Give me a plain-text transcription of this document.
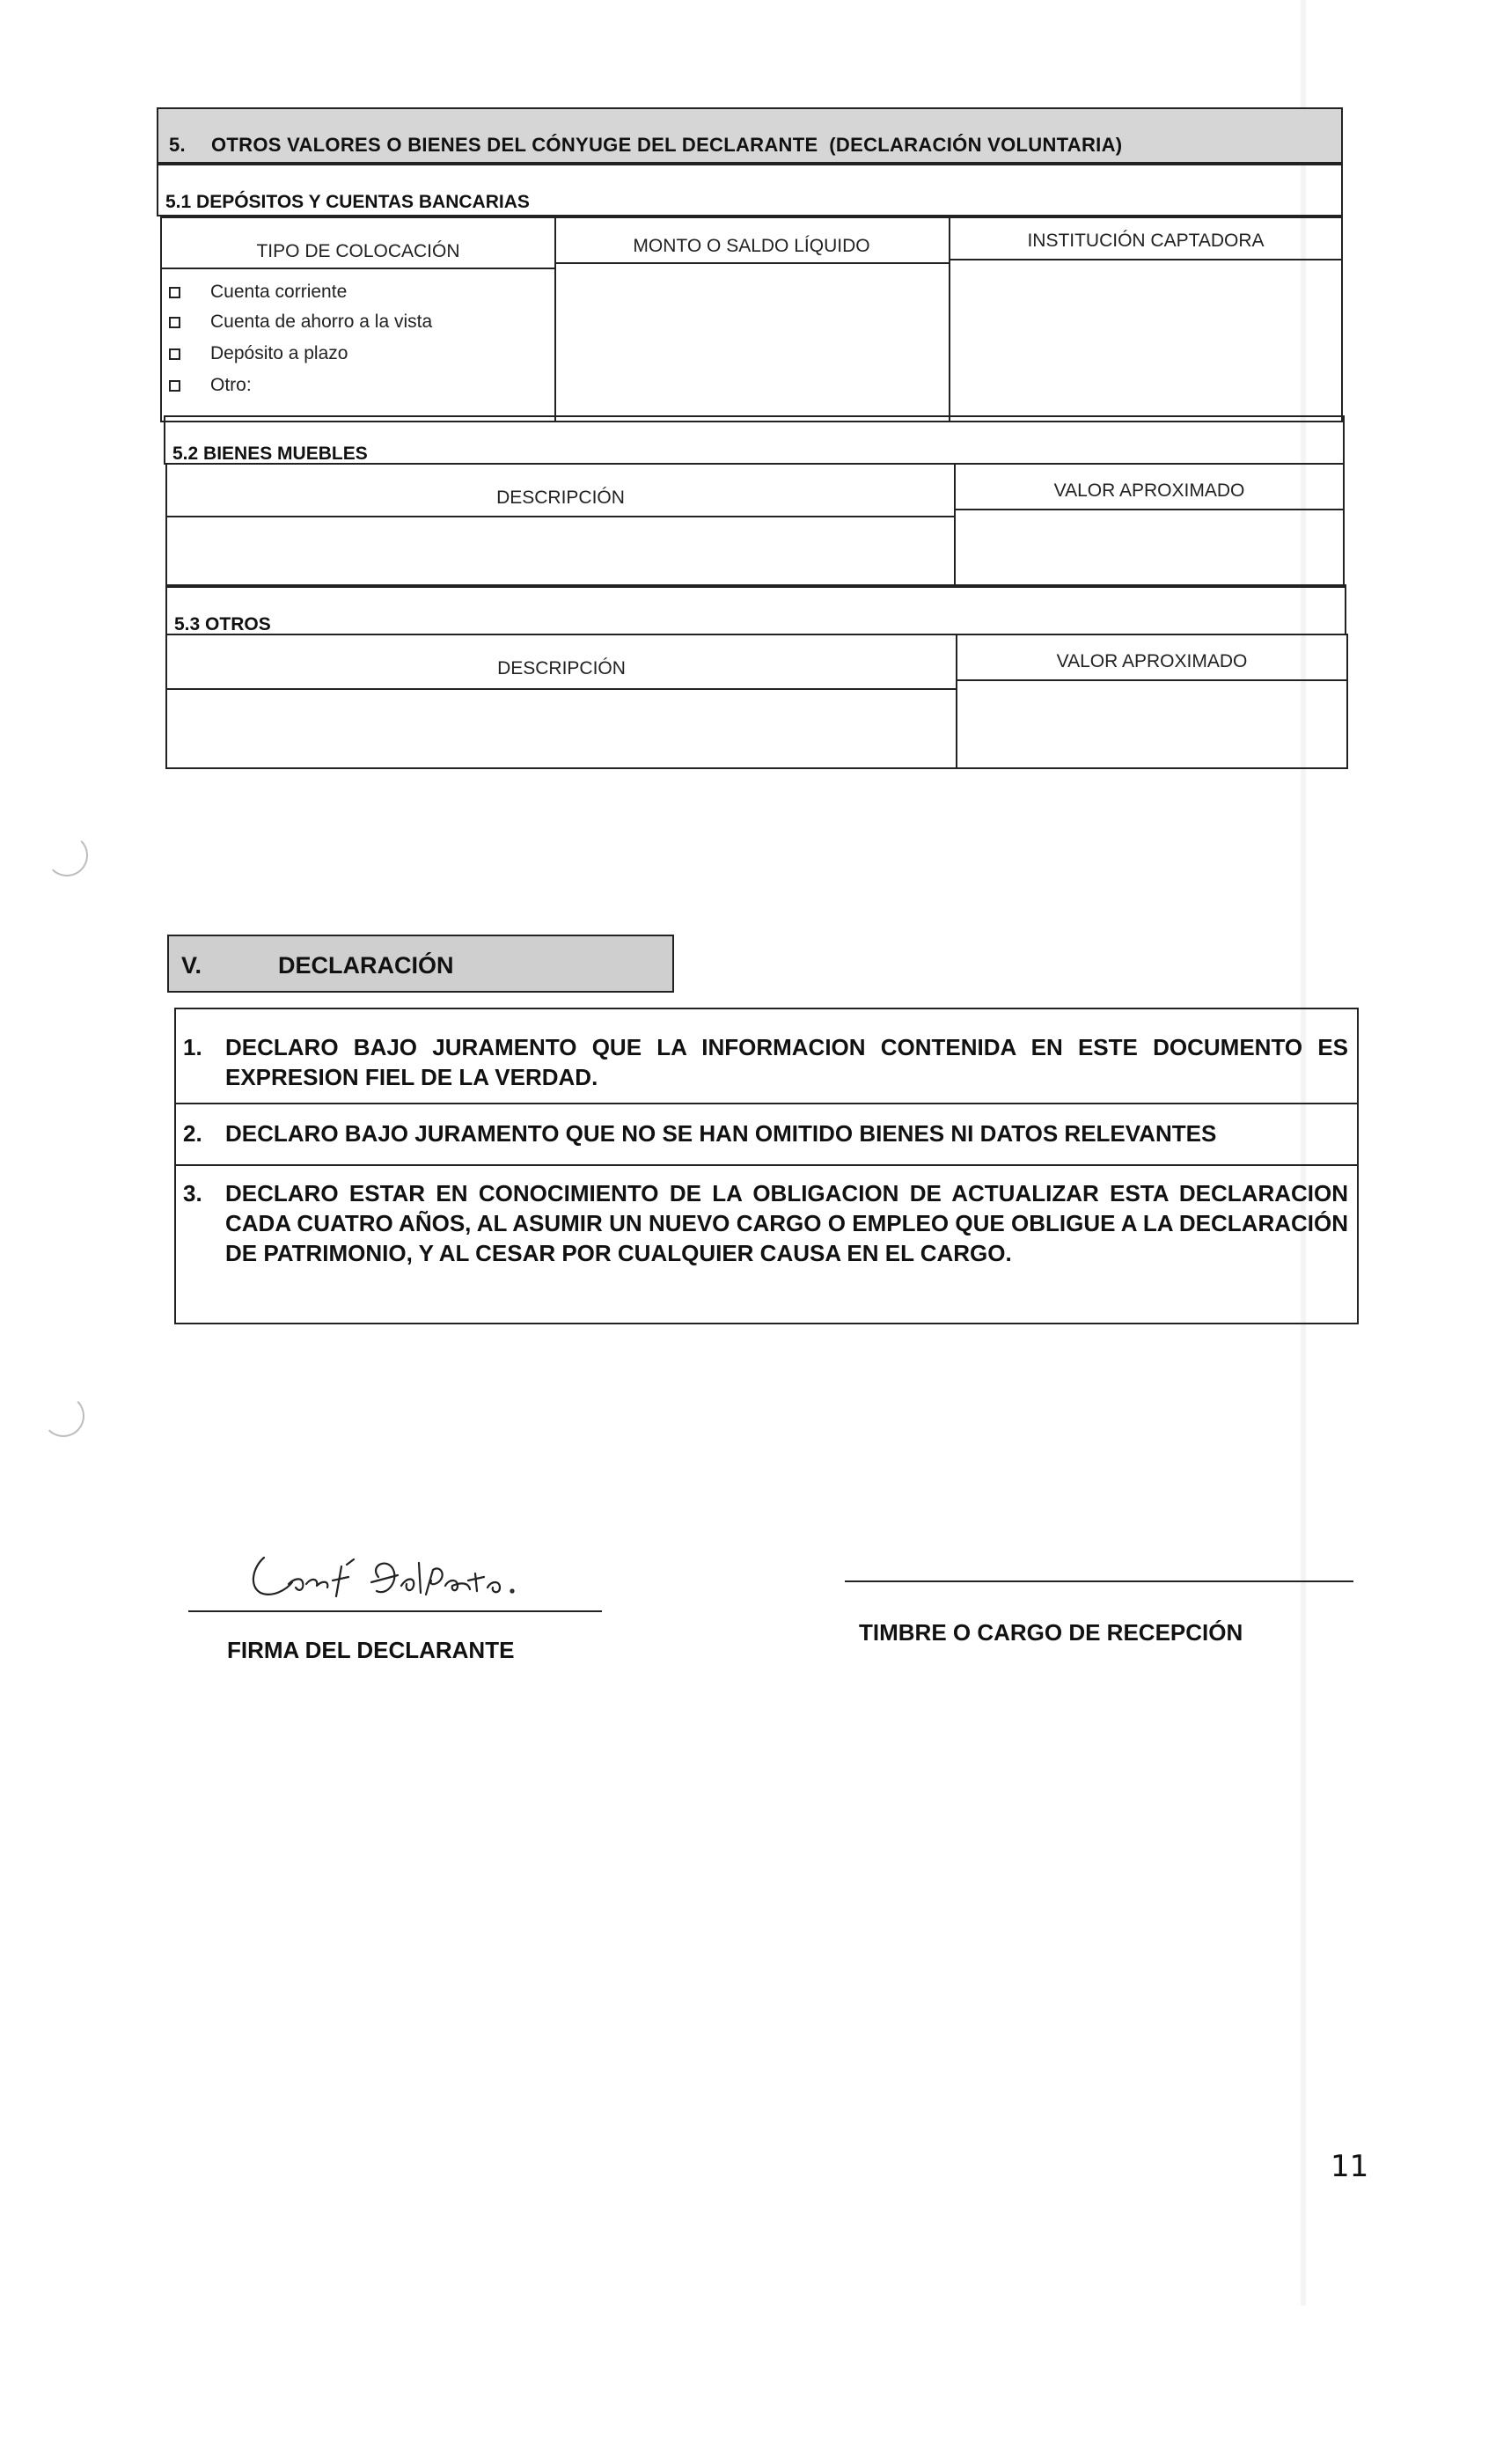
5. OTROS VALORES O BIENES DEL CÓNYUGE DEL DECLARANTE (DECLARACIÓN VOLUNTARIA)
5.1 DEPÓSITOS Y CUENTAS BANCARIAS
TIPO DE COLOCACIÓN	MONTO O SALDO LÍQUIDO	INSTITUCIÓN CAPTADORA
Cuenta corriente
Cuenta de ahorro a la vista
Depósito a plazo
Otro:
5.2 BIENES MUEBLES
DESCRIPCIÓN	VALOR APROXIMADO
5.3 OTROS
DESCRIPCIÓN	VALOR APROXIMADO
V.	DECLARACIÓN
1. DECLARO BAJO JURAMENTO QUE LA INFORMACION CONTENIDA EN ESTE DOCUMENTO ES EXPRESION FIEL DE LA VERDAD.
2. DECLARO BAJO JURAMENTO QUE NO SE HAN OMITIDO BIENES NI DATOS RELEVANTES
3. DECLARO ESTAR EN CONOCIMIENTO DE LA OBLIGACION DE ACTUALIZAR ESTA DECLARACION CADA CUATRO AÑOS, AL ASUMIR UN NUEVO CARGO O EMPLEO QUE OBLIGUE A LA DECLARACIÓN DE PATRIMONIO, Y AL CESAR POR CUALQUIER CAUSA EN EL CARGO.
FIRMA DEL DECLARANTE
TIMBRE O CARGO DE RECEPCIÓN
11
